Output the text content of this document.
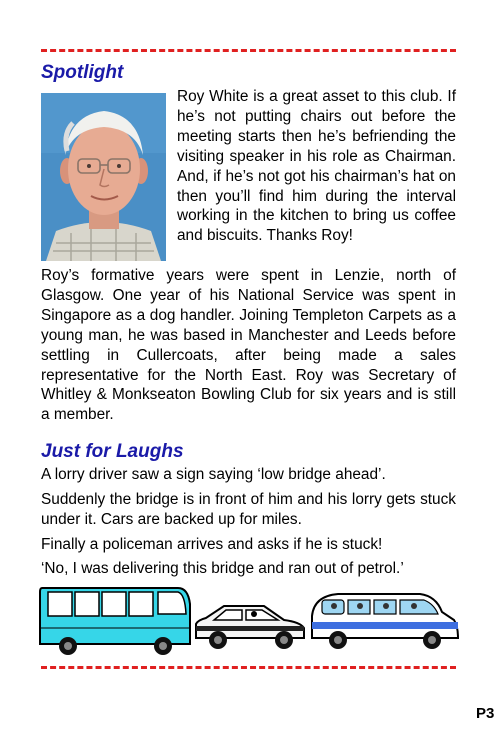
Spotlight

Roy White is a great asset to this club. If he’s not putting chairs out before the meeting starts then he’s befriending the visiting speaker in his role as Chairman. And, if he’s not got his chairman’s hat on then you’ll find him during the interval working in the kitchen to bring us coffee and biscuits. Thanks Roy!

Roy’s formative years were spent in Lenzie, north of Glasgow. One year of his National Service was spent in Singapore as a dog handler. Joining Templeton Carpets as a young man, he was based in Manchester and Leeds before settling in Cullercoats, after being made a sales representative for the North East. Roy was Secretary of Whitley & Monkseaton Bowling Club for six years and is still a member.

Just for Laughs

A lorry driver saw a sign saying ‘low bridge ahead’.

Suddenly the bridge is in front of him and his lorry gets stuck under it. Cars are backed up for miles.

Finally a policeman arrives and asks if he is stuck!

‘No, I was delivering this bridge and ran out of petrol.’

P3
